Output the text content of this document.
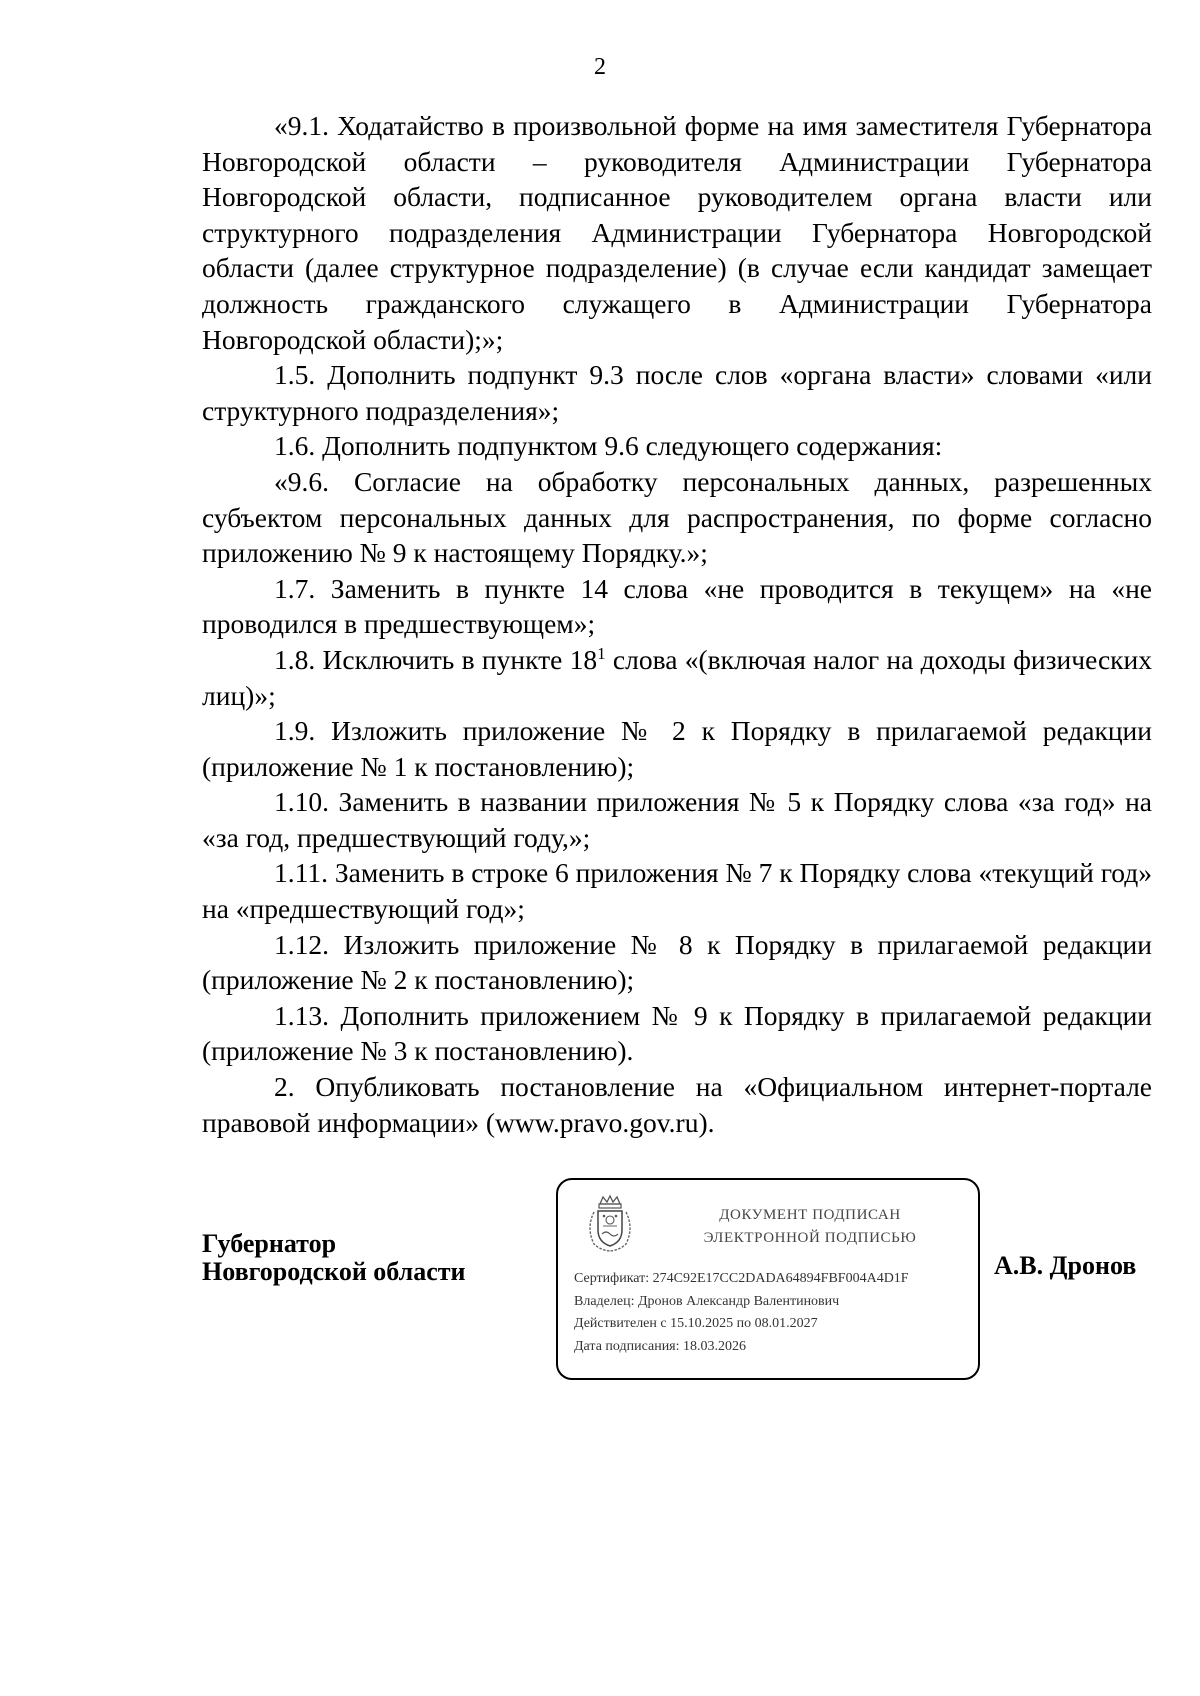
2

«9.1. Ходатайство в произвольной форме на имя заместителя Губернатора Новгородской области – руководителя Администрации Губернатора Новгородской области, подписанное руководителем органа власти или структурного подразделения Администрации Губернатора Новгородской области (далее структурное подразделение) (в случае если кандидат замещает должность гражданского служащего в Администрации Губернатора Новгородской области);»;

1.5. Дополнить подпункт 9.3 после слов «органа власти» словами «или структурного подразделения»;

1.6. Дополнить подпунктом 9.6 следующего содержания:

«9.6. Согласие на обработку персональных данных, разрешенных субъектом персональных данных для распространения, по форме согласно приложению № 9 к настоящему Порядку.»;

1.7. Заменить в пункте 14 слова «не проводится в текущем» на «не проводился в предшествующем»;

1.8. Исключить в пункте $18^1$ слова «(включая налог на доходы физических лиц)»;

1.9. Изложить приложение № 2 к Порядку в прилагаемой редакции (приложение № 1 к постановлению);

1.10. Заменить в названии приложения № 5 к Порядку слова «за год» на «за год, предшествующий году,»;

1.11. Заменить в строке 6 приложения № 7 к Порядку слова «текущий год» на «предшествующий год»;

1.12. Изложить приложение № 8 к Порядку в прилагаемой редакции (приложение № 2 к постановлению);

1.13. Дополнить приложением № 9 к Порядку в прилагаемой редакции (приложение № 3 к постановлению).

2. Опубликовать постановление на «Официальном интернет-портале правовой информации» (www.pravo.gov.ru).

Губернатор
Новгородской области
ДОКУМЕНТ ПОДПИСАН
ЭЛЕКТРОННОЙ ПОДПИСЬЮ
Сертификат: 274C92E17CC2DADA64894FBF004A4D1F
Владелец: Дронов Александр Валентинович
Действителен с 15.10.2025 по 08.01.2027
Дата подписания: 18.03.2026
А.В. Дронов
